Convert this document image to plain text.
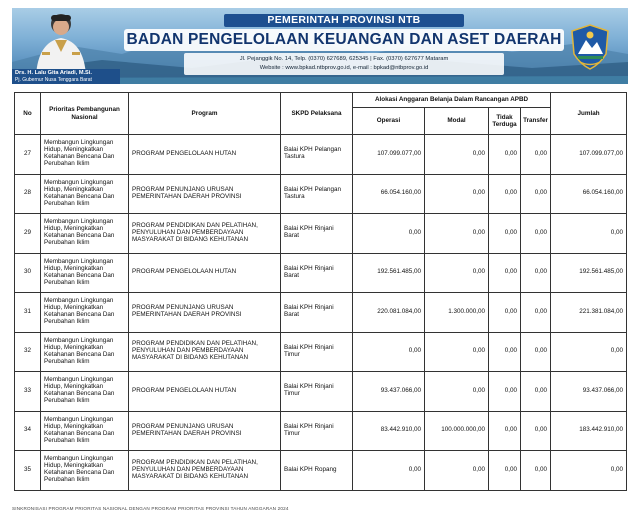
Drs. H. Lalu Gita Ariadi, M.Si.
Pj. Gubernur Nusa Tenggara Barat
PEMERINTAH PROVINSI NTB
BADAN PENGELOLAAN KEUANGAN DAN ASET DAERAH
Jl. Pejanggik No. 14, Telp. (0370) 627689, 625345 | Fax. (0370) 627677 Mataram
Website : www.bpkad.ntbprov.go.id, e-mail : bpkad@ntbprov.go.id
No	Prioritas Pembangunan Nasional	Program	SKPD Pelaksana	Alokasi Anggaran Belanja Dalam Rancangan APBD				Jumlah
				Operasi	Modal	Tidak Terduga	Transfer	
27	Membangun Lingkungan Hidup, Meningkatkan Ketahanan Bencana Dan Perubahan Iklim	PROGRAM PENGELOLAAN HUTAN	Balai KPH Pelangan Tastura	107.099.077,00	0,00	0,00	0,00	107.099.077,00
28	Membangun Lingkungan Hidup, Meningkatkan Ketahanan Bencana Dan Perubahan Iklim	PROGRAM PENUNJANG URUSAN PEMERINTAHAN DAERAH PROVINSI	Balai KPH Pelangan Tastura	66.054.160,00	0,00	0,00	0,00	66.054.160,00
29	Membangun Lingkungan Hidup, Meningkatkan Ketahanan Bencana Dan Perubahan Iklim	PROGRAM PENDIDIKAN DAN PELATIHAN, PENYULUHAN DAN PEMBERDAYAAN MASYARAKAT DI BIDANG KEHUTANAN	Balai KPH Rinjani Barat	0,00	0,00	0,00	0,00	0,00
30	Membangun Lingkungan Hidup, Meningkatkan Ketahanan Bencana Dan Perubahan Iklim	PROGRAM PENGELOLAAN HUTAN	Balai KPH Rinjani Barat	192.561.485,00	0,00	0,00	0,00	192.561.485,00
31	Membangun Lingkungan Hidup, Meningkatkan Ketahanan Bencana Dan Perubahan Iklim	PROGRAM PENUNJANG URUSAN PEMERINTAHAN DAERAH PROVINSI	Balai KPH Rinjani Barat	220.081.084,00	1.300.000,00	0,00	0,00	221.381.084,00
32	Membangun Lingkungan Hidup, Meningkatkan Ketahanan Bencana Dan Perubahan Iklim	PROGRAM PENDIDIKAN DAN PELATIHAN, PENYULUHAN DAN PEMBERDAYAAN MASYARAKAT DI BIDANG KEHUTANAN	Balai KPH Rinjani Timur	0,00	0,00	0,00	0,00	0,00
33	Membangun Lingkungan Hidup, Meningkatkan Ketahanan Bencana Dan Perubahan Iklim	PROGRAM PENGELOLAAN HUTAN	Balai KPH Rinjani Timur	93.437.066,00	0,00	0,00	0,00	93.437.066,00
34	Membangun Lingkungan Hidup, Meningkatkan Ketahanan Bencana Dan Perubahan Iklim	PROGRAM PENUNJANG URUSAN PEMERINTAHAN DAERAH PROVINSI	Balai KPH Rinjani Timur	83.442.910,00	100.000.000,00	0,00	0,00	183.442.910,00
35	Membangun Lingkungan Hidup, Meningkatkan Ketahanan Bencana Dan Perubahan Iklim	PROGRAM PENDIDIKAN DAN PELATIHAN, PENYULUHAN DAN PEMBERDAYAAN MASYARAKAT DI BIDANG KEHUTANAN	Balai KPH Ropang	0,00	0,00	0,00	0,00	0,00
SINKRONISASI PROGRAM PRIORITAS NASIONAL DENGAN PROGRAM PRIORITAS PROVINSI TAHUN ANGGARAN 2024
